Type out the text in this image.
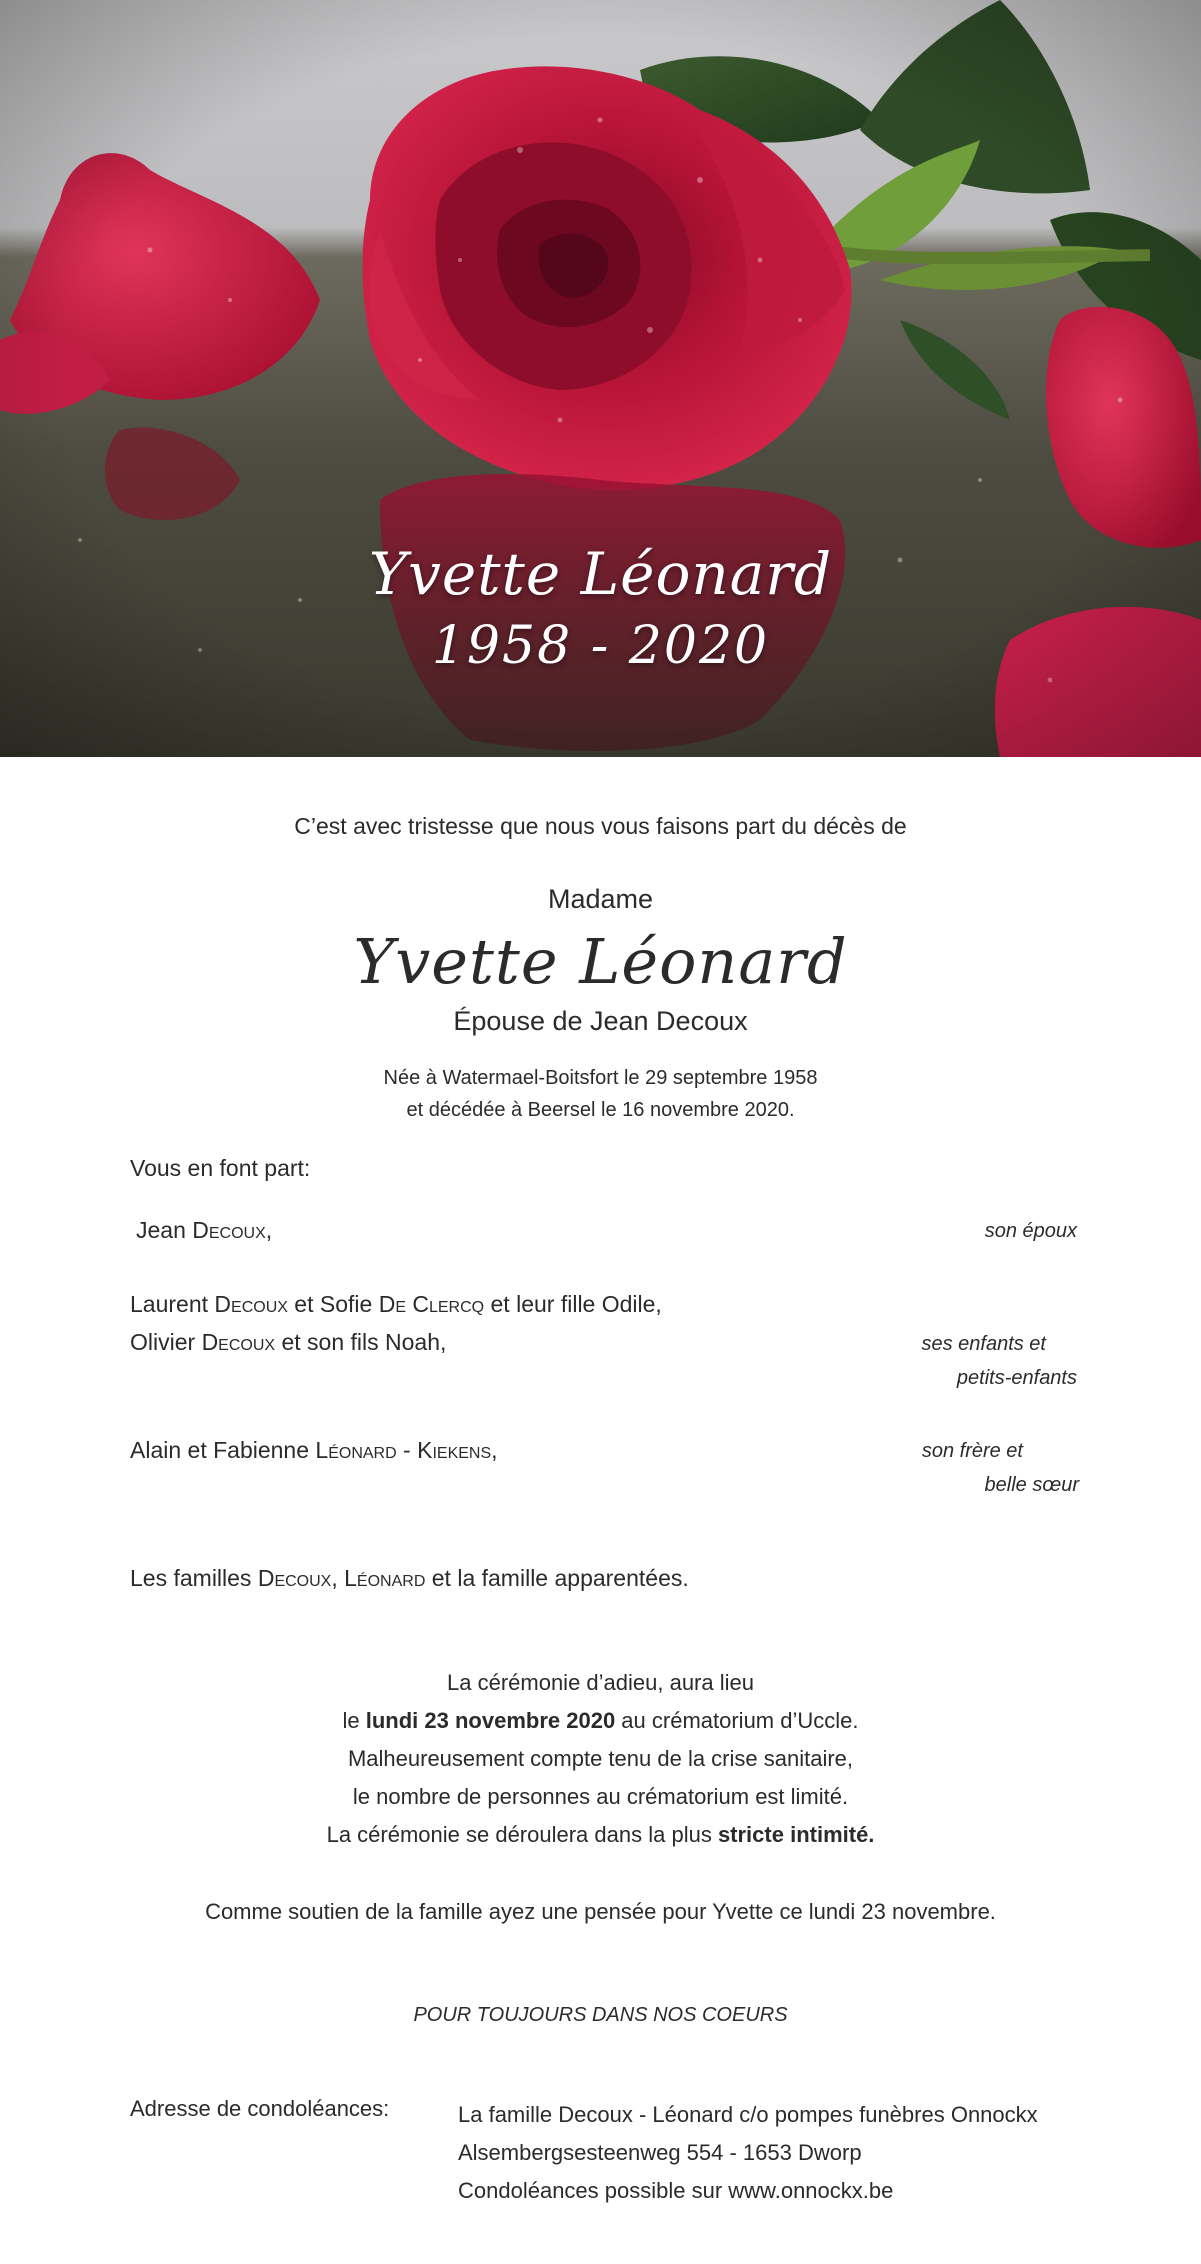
Yvette Léonard
1958 - 2020
C’est avec tristesse que nous vous faisons part du décès de
Madame
Yvette Léonard
Épouse de Jean Decoux
Née à Watermael-Boitsfort le 29 septembre 1958
et décédée à Beersel le 16 novembre 2020.
Vous en font part:
Jean Decoux,	son époux
Laurent Decoux et Sofie De Clercq et leur fille Odile,
Olivier Decoux et son fils Noah,	ses enfants et
petits-enfants
Alain et Fabienne Léonard - Kiekens,	son frère et
belle sœur
Les familles Decoux, Léonard et la famille apparentées.
La cérémonie d’adieu, aura lieu
le lundi 23 novembre 2020 au crématorium d’Uccle.
Malheureusement compte tenu de la crise sanitaire,
le nombre de personnes au crématorium est limité.
La cérémonie se déroulera dans la plus stricte intimité.
Comme soutien de la famille ayez une pensée pour Yvette ce lundi 23 novembre.
POUR TOUJOURS DANS NOS COEURS
Adresse de condoléances:	La famille Decoux - Léonard c/o pompes funèbres Onnockx
Alsembergsesteenweg 554 - 1653 Dworp
Condoléances possible sur www.onnockx.be
